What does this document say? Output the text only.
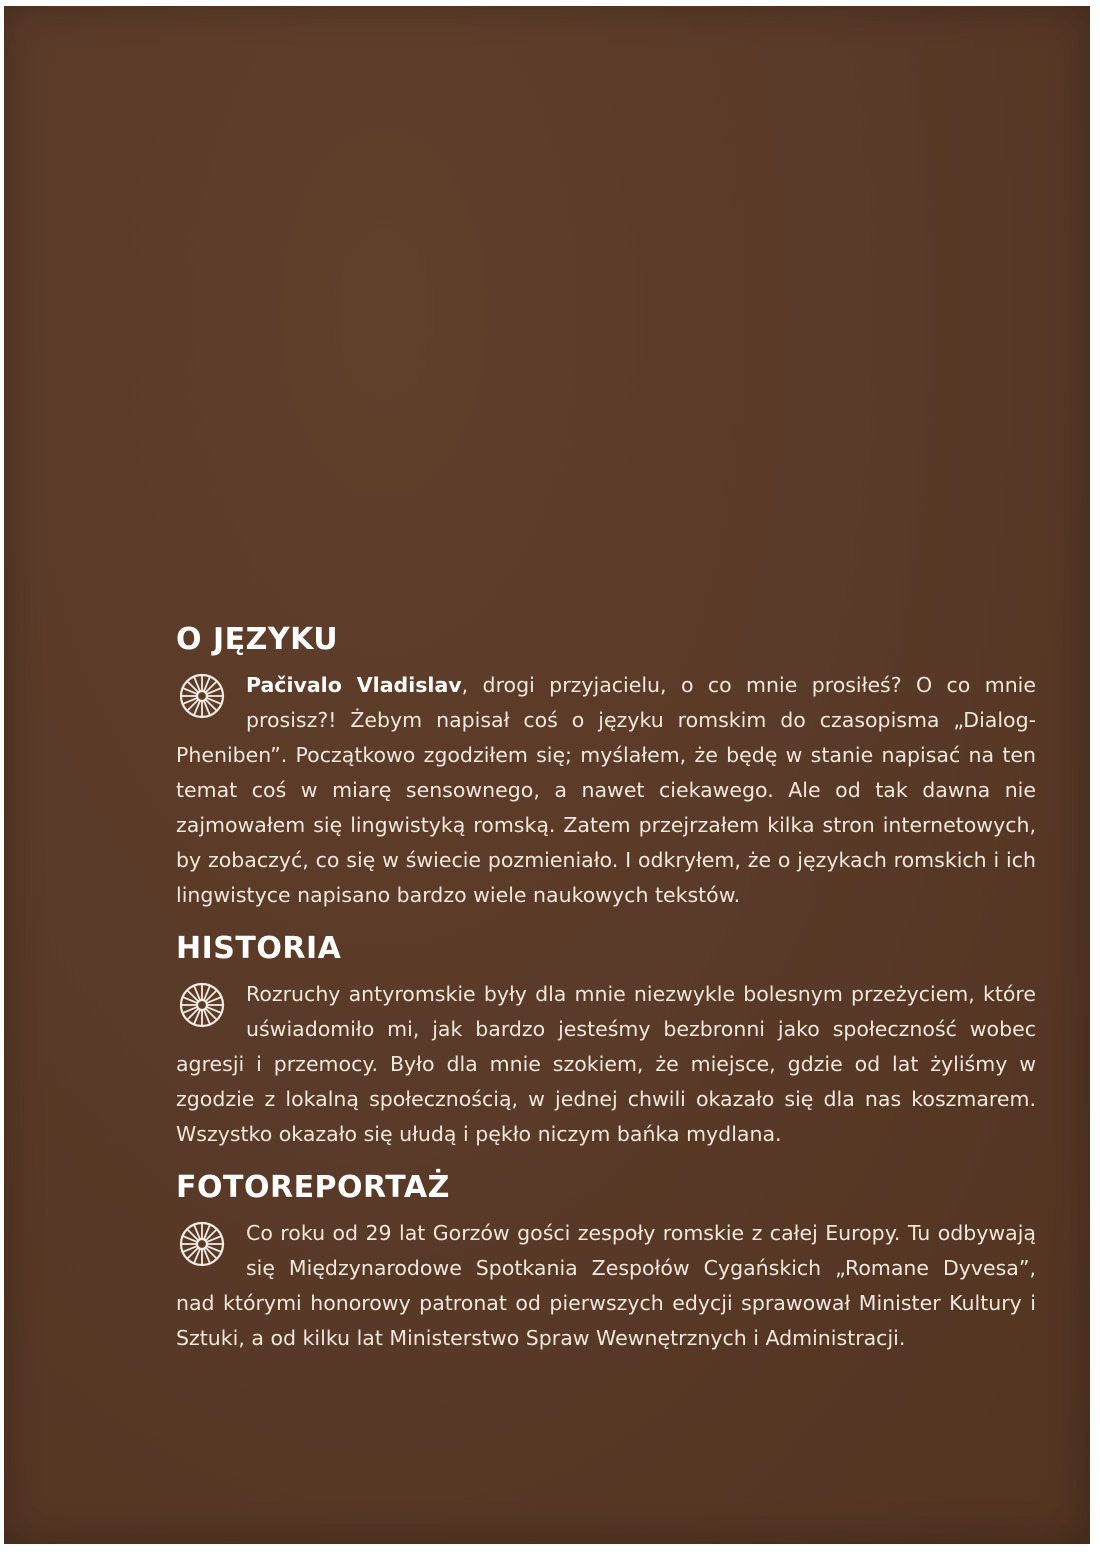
O JĘZYKU

Pačivalo Vladislav, drogi przyjacielu, o co mnie prosiłeś? O co mnie prosisz?! Żebym napisał coś o języku romskim do czasopisma „Dialog-Pheniben”. Początkowo zgodziłem się; myślałem, że będę w stanie napisać na ten temat coś w miarę sensownego, a nawet ciekawego. Ale od tak dawna nie zajmowałem się lingwistyką romską. Zatem przejrzałem kilka stron internetowych, by zobaczyć, co się w świecie pozmieniało. I odkryłem, że o językach romskich i ich lingwistyce napisano bardzo wiele naukowych tekstów.

HISTORIA

Rozruchy antyromskie były dla mnie niezwykle bolesnym przeżyciem, które uświadomiło mi, jak bardzo jesteśmy bezbronni jako społeczność wobec agresji i przemocy. Było dla mnie szokiem, że miejsce, gdzie od lat żyliśmy w zgodzie z lokalną społecznością, w jednej chwili okazało się dla nas koszmarem. Wszystko okazało się ułudą i pękło niczym bańka mydlana.

FOTOREPORTAŻ

Co roku od 29 lat Gorzów gości zespoły romskie z całej Europy. Tu odbywają się Międzynarodowe Spotkania Zespołów Cygańskich „Romane Dyvesa”, nad którymi honorowy patronat od pierwszych edycji sprawował Minister Kultury i Sztuki, a od kilku lat Ministerstwo Spraw Wewnętrznych i Administracji.
